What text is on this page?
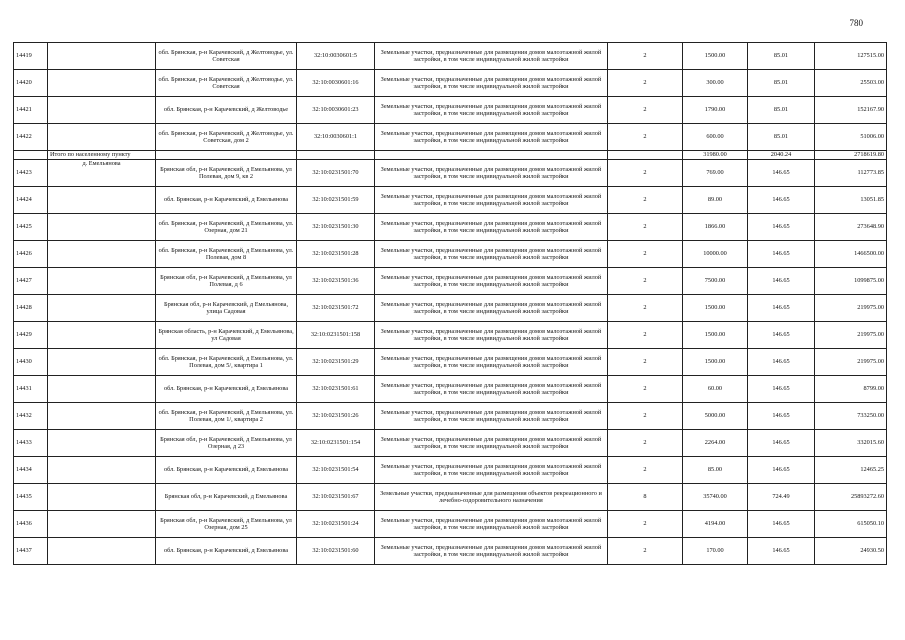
780
14419		обл. Брянская, р-н Карачевский, д Желтоводье, ул. Советская	32:10:0030601:5	Земельные участки, предназначенные для размещения домов малоэтажной жилой застройки, в том числе индивидуальной жилой застройки	2	1500.00	85.01	127515.00
14420		обл. Брянская, р-н Карачевский, д Желтоводье, ул. Советская	32:10:0030601:16	Земельные участки, предназначенные для размещения домов малоэтажной жилой застройки, в том числе индивидуальной жилой застройки	2	300.00	85.01	25503.00
14421		обл. Брянская, р-н Карачевский, д Желтоводье	32:10:0030601:23	Земельные участки, предназначенные для размещения домов малоэтажной жилой застройки, в том числе индивидуальной жилой застройки	2	1790.00	85.01	152167.90
14422		обл. Брянская, р-н Карачевский, д Желтоводье, ул. Советская, дом 2	32:10:0030601:1	Земельные участки, предназначенные для размещения домов малоэтажной жилой застройки, в том числе индивидуальной жилой застройки	2	600.00	85.01	51006.00
	Итого по населенному пункту					31980.00	2040.24	2718619.80
14423	д. Емельянова	Брянская обл, р-н Карачевский, д Емельянова, ул Полевая, дом 9, кв 2	32:10:0231501:70	Земельные участки, предназначенные для размещения домов малоэтажной жилой застройки, в том числе индивидуальной жилой застройки	2	769.00	146.65	112773.85
14424		обл. Брянская, р-н Карачевский, д Емельянова	32:10:0231501:59	Земельные участки, предназначенные для размещения домов малоэтажной жилой застройки, в том числе индивидуальной жилой застройки	2	89.00	146.65	13051.85
14425		обл. Брянская, р-н Карачевский, д Емельянова, ул. Озерная, дом 21	32:10:0231501:30	Земельные участки, предназначенные для размещения домов малоэтажной жилой застройки, в том числе индивидуальной жилой застройки	2	1866.00	146.65	273648.90
14426		обл. Брянская, р-н Карачевский, д Емельянова, ул. Полевая, дом 8	32:10:0231501:28	Земельные участки, предназначенные для размещения домов малоэтажной жилой застройки, в том числе индивидуальной жилой застройки	2	10000.00	146.65	1466500.00
14427		Брянская обл, р-н Карачевский, д Емельянова, ул Полевая, д 6	32:10:0231501:36	Земельные участки, предназначенные для размещения домов малоэтажной жилой застройки, в том числе индивидуальной жилой застройки	2	7500.00	146.65	1099875.00
14428		Брянская обл, р-н Карачевский, д Емельянова, улица Садовая	32:10:0231501:72	Земельные участки, предназначенные для размещения домов малоэтажной жилой застройки, в том числе индивидуальной жилой застройки	2	1500.00	146.65	219975.00
14429		Брянская область, р-н Карачевский, д Емельянова, ул Садовая	32:10:0231501:158	Земельные участки, предназначенные для размещения домов малоэтажной жилой застройки, в том числе индивидуальной жилой застройки	2	1500.00	146.65	219975.00
14430		обл. Брянская, р-н Карачевский, д Емельянова, ул. Полевая, дом 5/, квартира 1	32:10:0231501:29	Земельные участки, предназначенные для размещения домов малоэтажной жилой застройки, в том числе индивидуальной жилой застройки	2	1500.00	146.65	219975.00
14431		обл. Брянская, р-н Карачевский, д Емельянова	32:10:0231501:61	Земельные участки, предназначенные для размещения домов малоэтажной жилой застройки, в том числе индивидуальной жилой застройки	2	60.00	146.65	8799.00
14432		обл. Брянская, р-н Карачевский, д Емельянова, ул. Полевая, дом 1/, квартира 2	32:10:0231501:26	Земельные участки, предназначенные для размещения домов малоэтажной жилой застройки, в том числе индивидуальной жилой застройки	2	5000.00	146.65	733250.00
14433		Брянская обл, р-н Карачевский, д Емельянова, ул Озерная, д 23	32:10:0231501:154	Земельные участки, предназначенные для размещения домов малоэтажной жилой застройки, в том числе индивидуальной жилой застройки	2	2264.00	146.65	332015.60
14434		обл. Брянская, р-н Карачевский, д Емельянова	32:10:0231501:54	Земельные участки, предназначенные для размещения домов малоэтажной жилой застройки, в том числе индивидуальной жилой застройки	2	85.00	146.65	12465.25
14435		Брянская обл, р-н Карачевский, д Емельянова	32:10:0231501:67	Земельные участки, предназначенные для размещения объектов рекреационного и лечебно-оздоровительного назначения	8	35740.00	724.49	25893272.60
14436		Брянская обл, р-н Карачевский, д Емельянова, ул Озерная, дом 25	32:10:0231501:24	Земельные участки, предназначенные для размещения домов малоэтажной жилой застройки, в том числе индивидуальной жилой застройки	2	4194.00	146.65	615050.10
14437		обл. Брянская, р-н Карачевский, д Емельянова	32:10:0231501:60	Земельные участки, предназначенные для размещения домов малоэтажной жилой застройки, в том числе индивидуальной жилой застройки	2	170.00	146.65	24930.50
